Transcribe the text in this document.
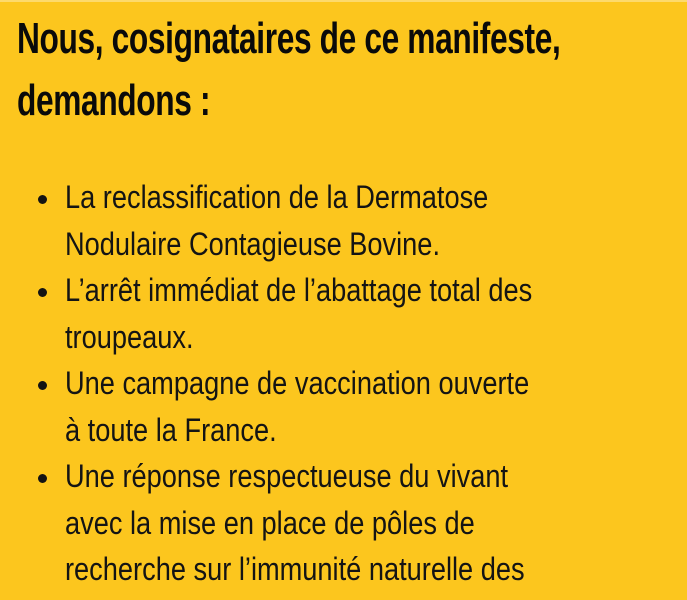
Nous, cosignataires de ce manifeste,
demandons :
La reclassification de la Dermatose
Nodulaire Contagieuse Bovine.
L’arrêt immédiat de l’abattage total des
troupeaux.
Une campagne de vaccination ouverte
à toute la France.
Une réponse respectueuse du vivant
avec la mise en place de pôles de
recherche sur l’immunité naturelle des
